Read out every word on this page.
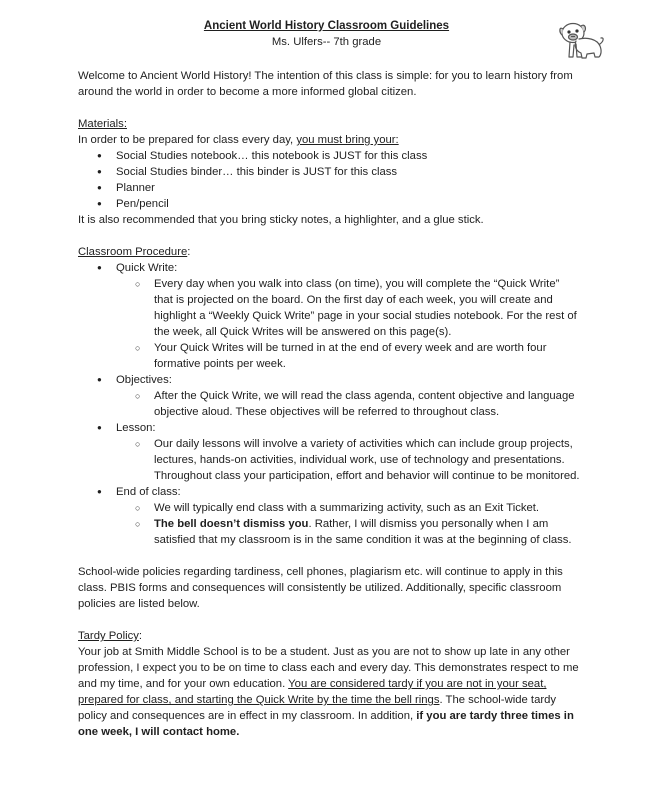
Ancient World History Classroom Guidelines
Ms. Ulfers-- 7th grade

Welcome to Ancient World History! The intention of this class is simple: for you to learn history from around the world in order to become a more informed global citizen.

Materials:

In order to be prepared for class every day, you must bring your:

● Social Studies notebook… this notebook is JUST for this class
● Social Studies binder… this binder is JUST for this class
● Planner
● Pen/pencil

It is also recommended that you bring sticky notes, a highlighter, and a glue stick.

Classroom Procedure:

● Quick Write:
○ Every day when you walk into class (on time), you will complete the “Quick Write” that is projected on the board. On the first day of each week, you will create and highlight a “Weekly Quick Write” page in your social studies notebook. For the rest of the week, all Quick Writes will be answered on this page(s).
○ Your Quick Writes will be turned in at the end of every week and are worth four formative points per week.
● Objectives:
○ After the Quick Write, we will read the class agenda, content objective and language objective aloud. These objectives will be referred to throughout class.
● Lesson:
○ Our daily lessons will involve a variety of activities which can include group projects, lectures, hands-on activities, individual work, use of technology and presentations. Throughout class your participation, effort and behavior will continue to be monitored.
● End of class:
○ We will typically end class with a summarizing activity, such as an Exit Ticket.
○ The bell doesn’t dismiss you. Rather, I will dismiss you personally when I am satisfied that my classroom is in the same condition it was at the beginning of class.

School-wide policies regarding tardiness, cell phones, plagiarism etc. will continue to apply in this class. PBIS forms and consequences will consistently be utilized. Additionally, specific classroom policies are listed below.

Tardy Policy:

Your job at Smith Middle School is to be a student. Just as you are not to show up late in any other profession, I expect you to be on time to class each and every day. This demonstrates respect to me and my time, and for your own education. You are considered tardy if you are not in your seat, prepared for class, and starting the Quick Write by the time the bell rings. The school-wide tardy policy and consequences are in effect in my classroom. In addition, if you are tardy three times in one week, I will contact home.
